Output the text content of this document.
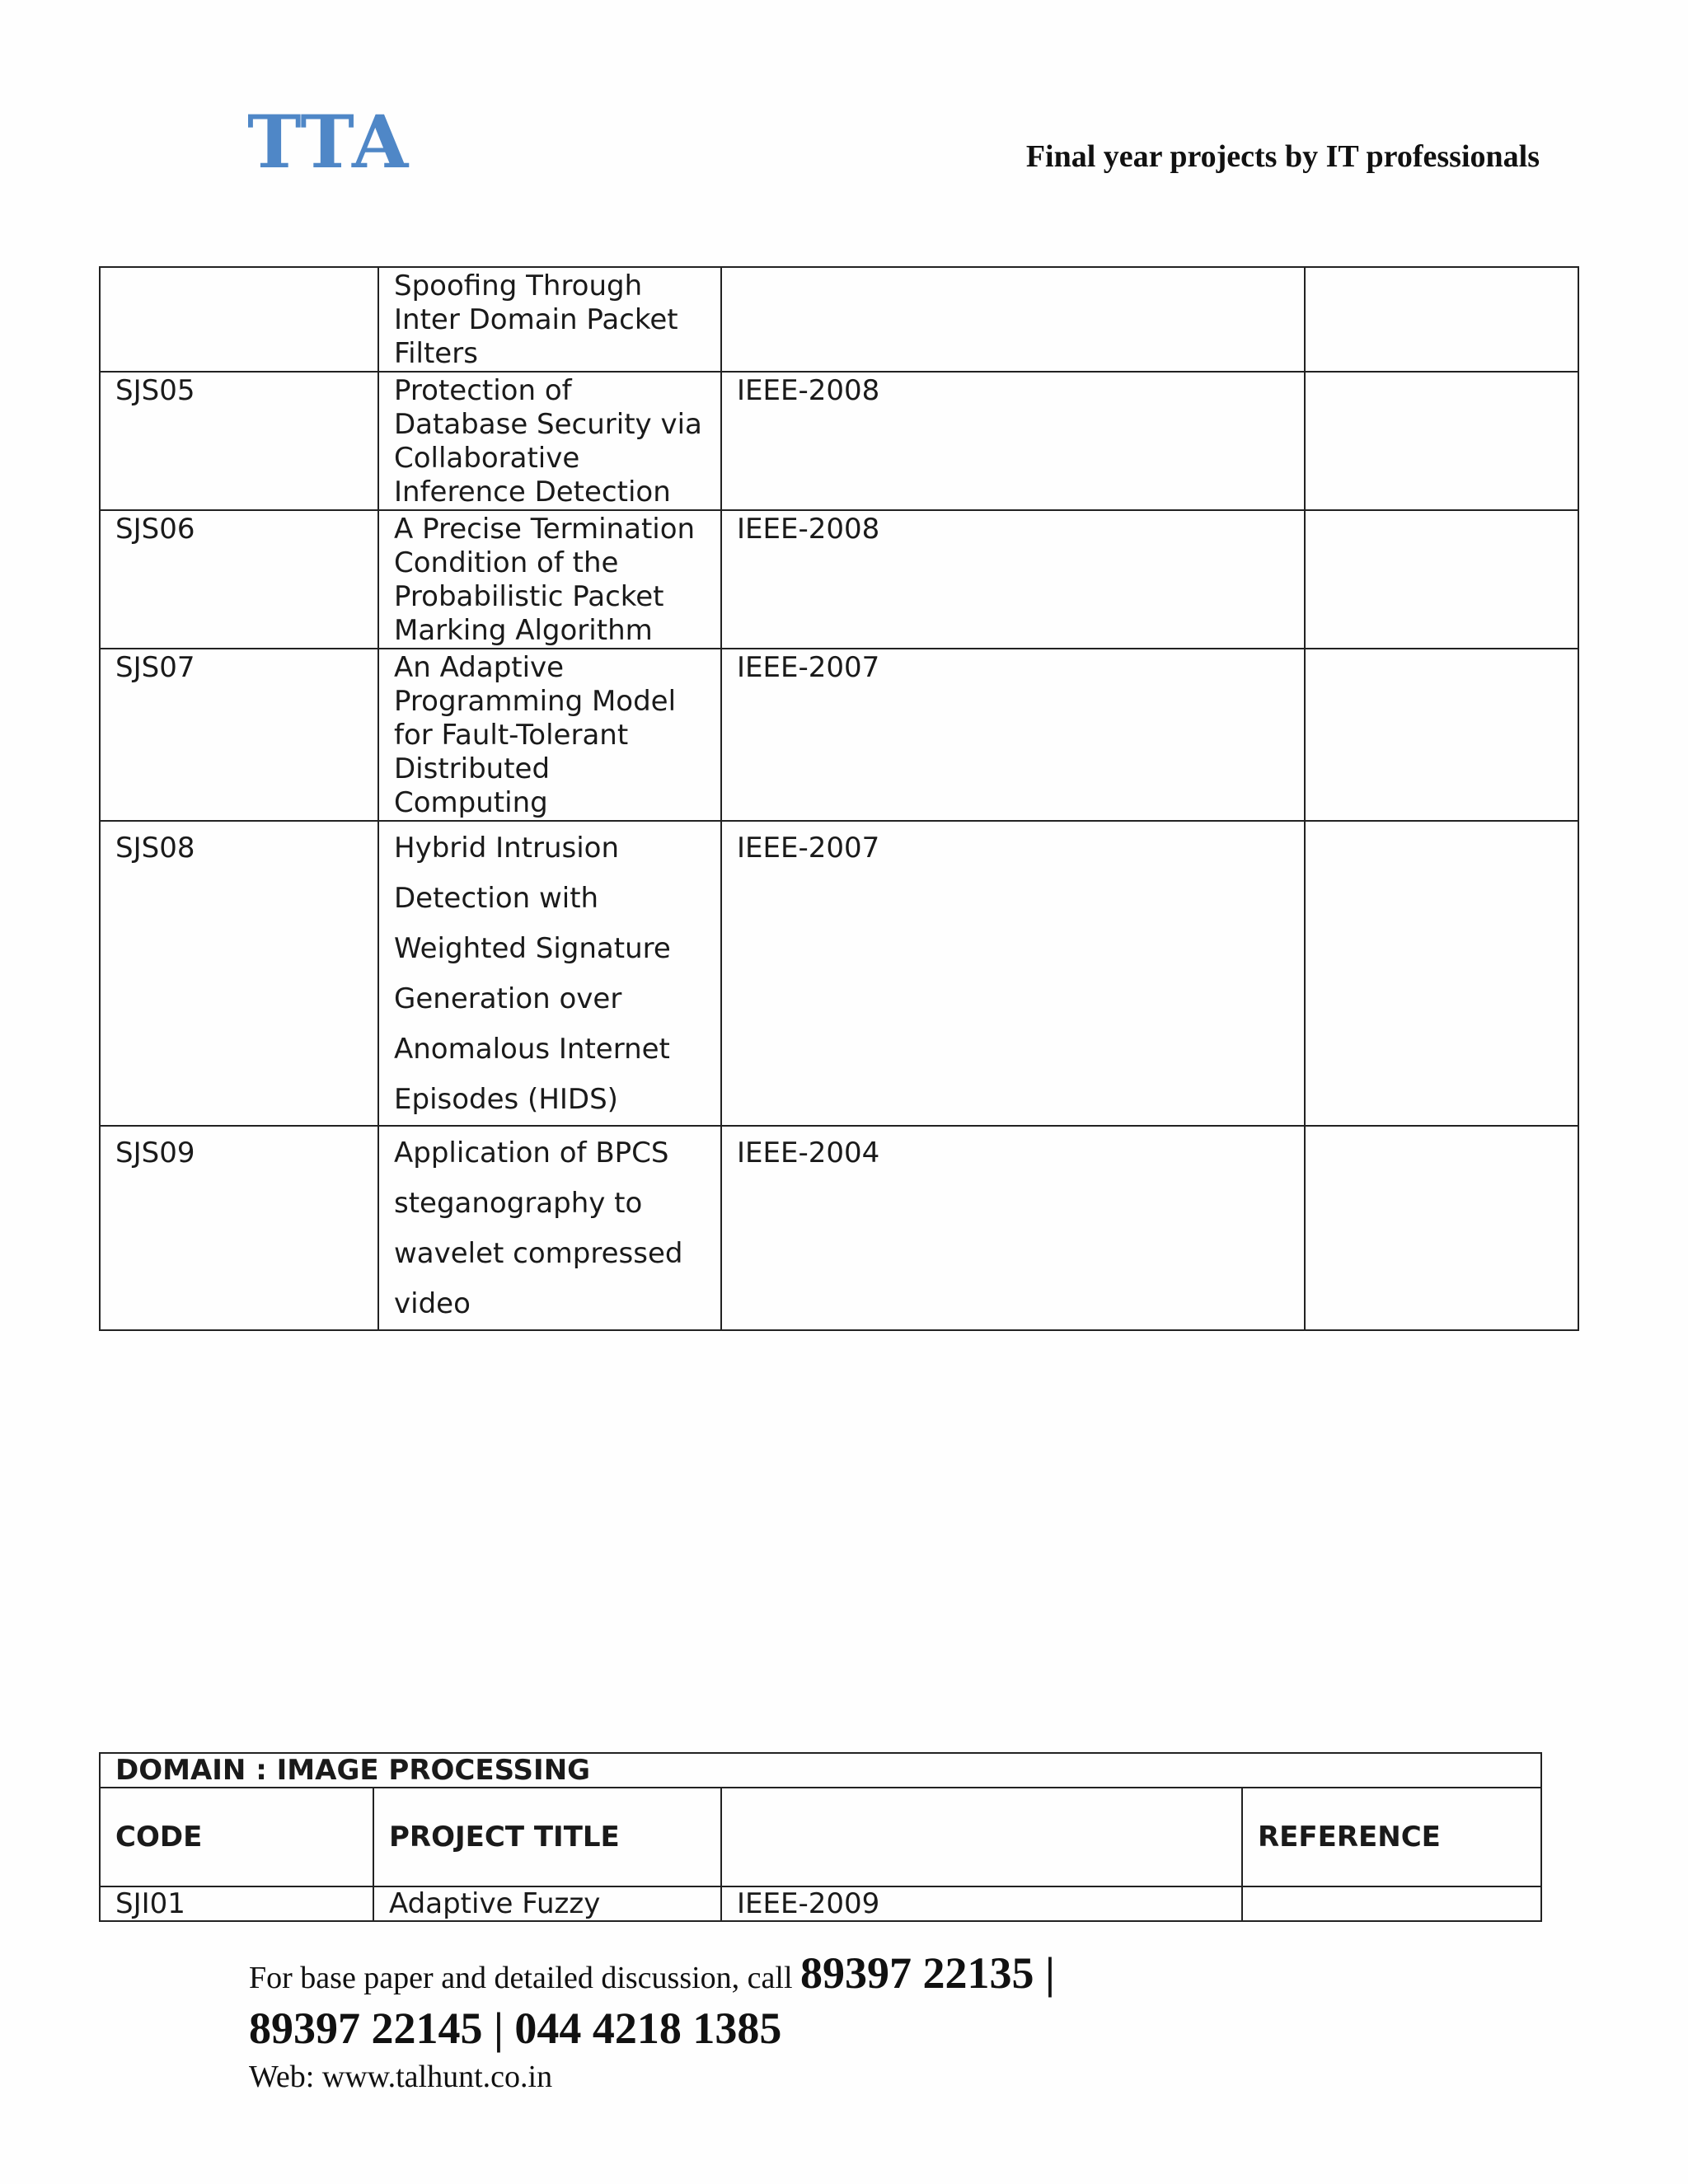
TTA	Final year projects by IT professionals
	Spoofing Through Inter Domain Packet Filters		
SJS05	Protection of Database Security via Collaborative Inference Detection	IEEE-2008	
SJS06	A Precise Termination Condition of the Probabilistic Packet Marking Algorithm	IEEE-2008	
SJS07	An Adaptive Programming Model for Fault-Tolerant Distributed Computing	IEEE-2007	
SJS08	Hybrid Intrusion Detection with Weighted Signature Generation over Anomalous Internet Episodes (HIDS)	IEEE-2007	
SJS09	Application of BPCS steganography to wavelet compressed video	IEEE-2004	
DOMAIN : IMAGE PROCESSING			
CODE	PROJECT TITLE		REFERENCE
SJI01	Adaptive Fuzzy	IEEE-2009	
For base paper and detailed discussion, call 89397 22135 |
89397 22145 | 044 4218 1385
Web: www.talhunt.co.in
